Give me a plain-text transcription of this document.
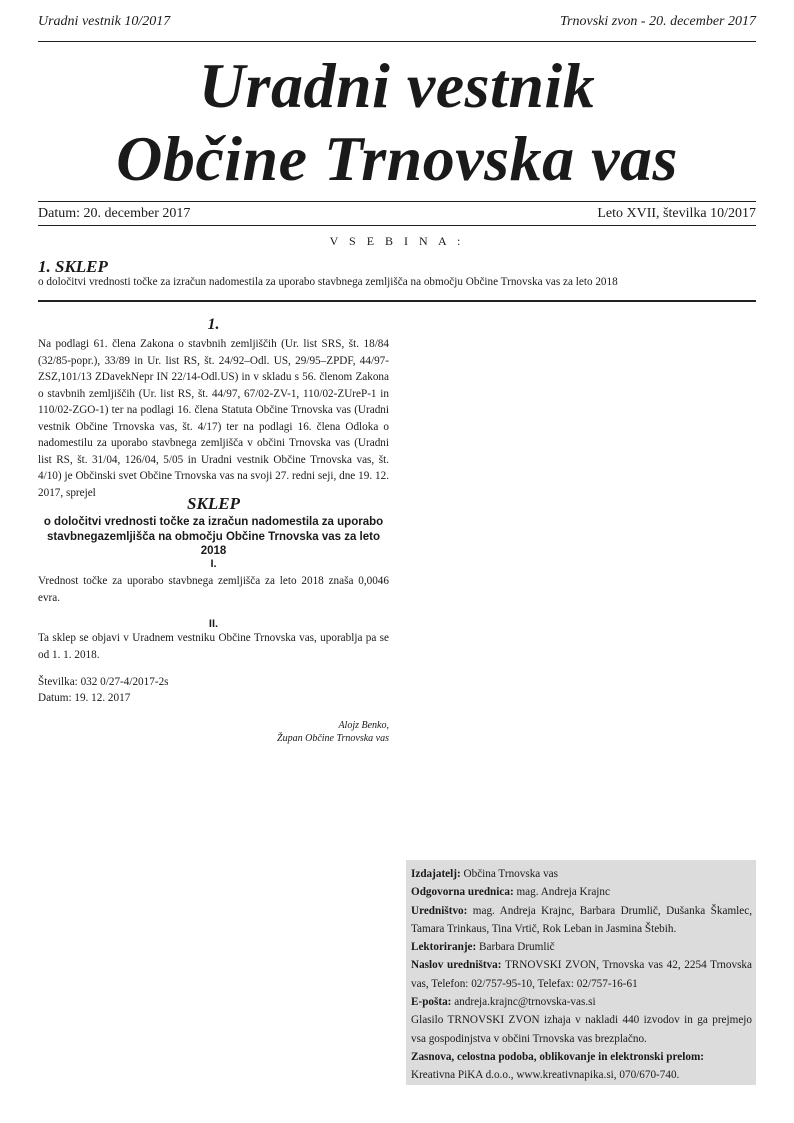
Uradni vestnik 10/2017	Trnovski zvon - 20. december 2017
Uradni vestnik
Občine Trnovska vas
Datum: 20. december 2017	Leto XVII, številka 10/2017
V S E B I N A :
1. SKLEP
o določitvi vrednosti točke za izračun nadomestila za uporabo stavbnega zemljišča na območju Občine Trnovska vas za leto 2018
1.
Na podlagi 61. člena Zakona o stavbnih zemljiščih (Ur. list SRS, št. 18/84 (32/85-popr.), 33/89 in Ur. list RS, št. 24/92–Odl. US, 29/95–ZPDF, 44/97-ZSZ,101/13 ZDavekNepr IN 22/14-Odl.US) in v skladu s 56. členom Zakona o stavbnih zemljiščih (Ur. list RS, št. 44/97, 67/02-ZV-1, 110/02-ZUreP-1 in 110/02-ZGO-1) ter na podlagi 16. člena Statuta Občine Trnovska vas (Uradni vestnik Občine Trnovska vas, št. 4/17) ter na podlagi 16. člena Odloka o nadomestilu za uporabo stavbnega zemljišča v občini Trnovska vas (Uradni list RS, št. 31/04, 126/04, 5/05 in Uradni vestnik Občine Trnovska vas, št. 4/10) je Občinski svet Občine Trnovska vas na svoji 27. redni seji, dne 19. 12. 2017, sprejel
SKLEP
o določitvi vrednosti točke za izračun nadomestila za uporabo stavbnegazemljišča na območju Občine Trnovska vas za leto 2018
I.
Vrednost točke za uporabo stavbnega zemljišča za leto 2018 znaša 0,0046 evra.
II.
Ta sklep se objavi v Uradnem vestniku Občine Trnovska vas, uporablja pa se od 1. 1. 2018.
Številka: 032 0/27-4/2017-2s
Datum: 19. 12. 2017
Alojz Benko,
Župan Občine Trnovska vas
Izdajatelj: Občina Trnovska vas
Odgovorna urednica: mag. Andreja Krajnc
Uredništvo: mag. Andreja Krajnc, Barbara Drumlič, Dušanka Škamlec, Tamara Trinkaus, Tina Vrtič, Rok Leban in Jasmina Štebih.
Lektoriranje: Barbara Drumlič
Naslov uredništva: TRNOVSKI ZVON, Trnovska vas 42, 2254 Trnovska vas, Telefon: 02/757-95-10, Telefax: 02/757-16-61
E-pošta: andreja.krajnc@trnovska-vas.si
Glasilo TRNOVSKI ZVON izhaja v nakladi 440 izvodov in ga prejmejo vsa gospodinjstva v občini Trnovska vas brezplačno.
Zasnova, celostna podoba, oblikovanje in elektronski prelom:
Kreativna PiKA d.o.o., www.kreativnapika.si, 070/670-740.
